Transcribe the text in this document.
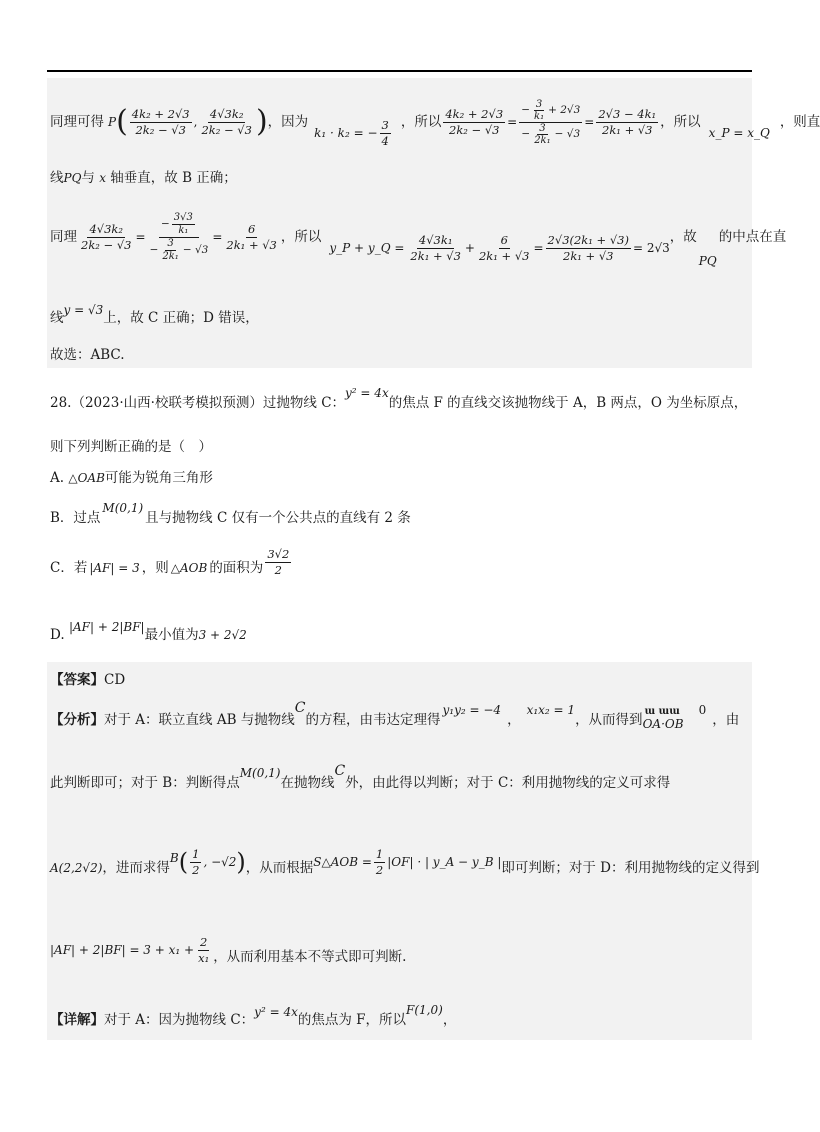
同理可得 P ( $\frac{\text{4k₂ + 2√3}}{\text{2k₂ − √3}}$ , $\frac{\text{4√3k₂}}{\text{2k₂ − √3}}$ ) ，因为
k₁ · k₂ = − $\frac{3}{4}$ ，所以 $\frac{\text{4k₂ + 2√3}}{\text{2k₂ − √3}} = \frac{- \frac{3}{\text{k₁}} + 2√3}{- \frac{3}{\text{2k₁}} - √3} = \frac{\text{2√3 − 4k₁}}{\text{2k₁ + √3}}$ ，所以
x_P = x_Q
，则直
线PQ与 x 轴垂直，故 B 正确；
同理 $\frac{\text{4√3k₂}}{\text{2k₂ − √3}} = \frac{- \frac{3√3}{\text{k₁}}}{- \frac{3}{\text{2k₁}} - √3} = \frac{6}{\text{2k₁ + √3}}$ ，所以
y_P + y_Q = $\frac{\text{4√3k₁}}{\text{2k₁ + √3}} + \frac{6}{\text{2k₁ + √3}} = \frac{\text{2√3(2k₁ + √3)}}{\text{2k₁ + √3}} = 2√3$
，故
PQ
的中点在直
线y = √3上，故 C 正确；D 错误，
故选：ABC.
28.（2023·山西·校联考模拟预测）过抛物线 C：y² = 4x的焦点 F 的直线交该抛物线于 A，B 两点，O 为坐标原点，
则下列判断正确的是（　）
A. △OAB可能为锐角三角形
B．过点M(0,1)且与抛物线 C 仅有一个公共点的直线有 2 条
C．若 |AF| = 3 ，则 △AOB 的面积为 $\frac{3√2}{2}$
D. |AF| + 2|BF|最小值为3 + 2√2
【答案】CD
【分析】对于 A：联立直线 AB 与抛物线C的方程，由韦达定理得y₁y₂ = −4，x₁x₂ = 1，从而得到
ɯ ɯɯ
OA·OB
0，由
此判断即可；对于 B：判断得点M(0,1)在抛物线C外，由此得以判断；对于 C：利用抛物线的定义可求得
A(2,2√2) ，进而求得
B ( $\frac{1}{2}$ , −√2 ) ，从而根据 S△AOB = $\frac{1}{2} |OF|$ · | y_A − y_B | 即可判断；对于 D：利用抛物线的定义得到
$|AF| + 2|BF| = 3 + x_1 + \frac{2}{\text{x₁}}$ ，从而利用基本不等式即可判断.
【详解】对于 A：因为抛物线 C：y² = 4x的焦点为 F，所以F(1,0)，
